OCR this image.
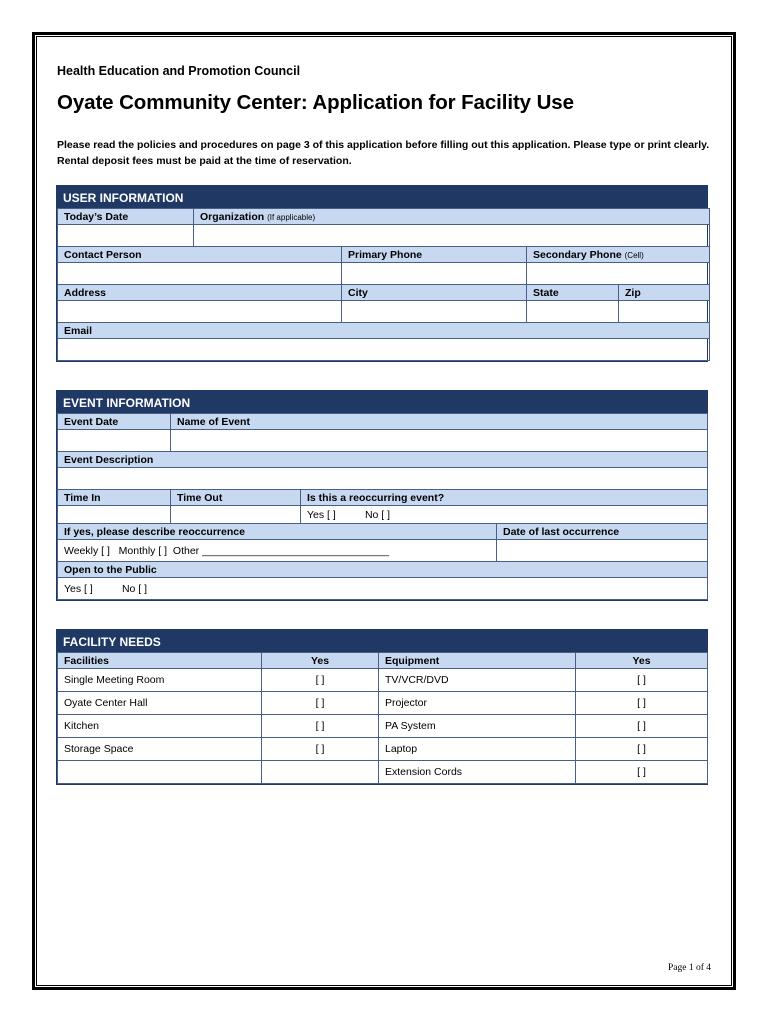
Health Education and Promotion Council
Oyate Community Center: Application for Facility Use
Please read the policies and procedures on page 3 of this application before filling out this application. Please type or print clearly. Rental deposit fees must be paid at the time of reservation.
USER INFORMATION
Today’s Date	Organization (If applicable)			

Contact Person		Primary Phone	Secondary Phone (Cell)	

Address		City	State	Zip

Email				

EVENT INFORMATION
Event Date	Name of Event		

Event Description			

Time In	Time Out	Is this a reoccurring event?	
		Yes [ ]          No [ ]	
If yes, please describe reoccurrence			Date of last occurrence
Weekly [ ]   Monthly [ ]  Other ________________________________			
Open to the Public			
Yes [ ]          No [ ]			
FACILITY NEEDS
Facilities	Yes	Equipment	Yes
Single Meeting Room	[ ]	TV/VCR/DVD	[ ]
Oyate Center Hall	[ ]	Projector	[ ]
Kitchen	[ ]	PA System	[ ]
Storage Space	[ ]	Laptop	[ ]
		Extension Cords	[ ]
Page 1 of 4
